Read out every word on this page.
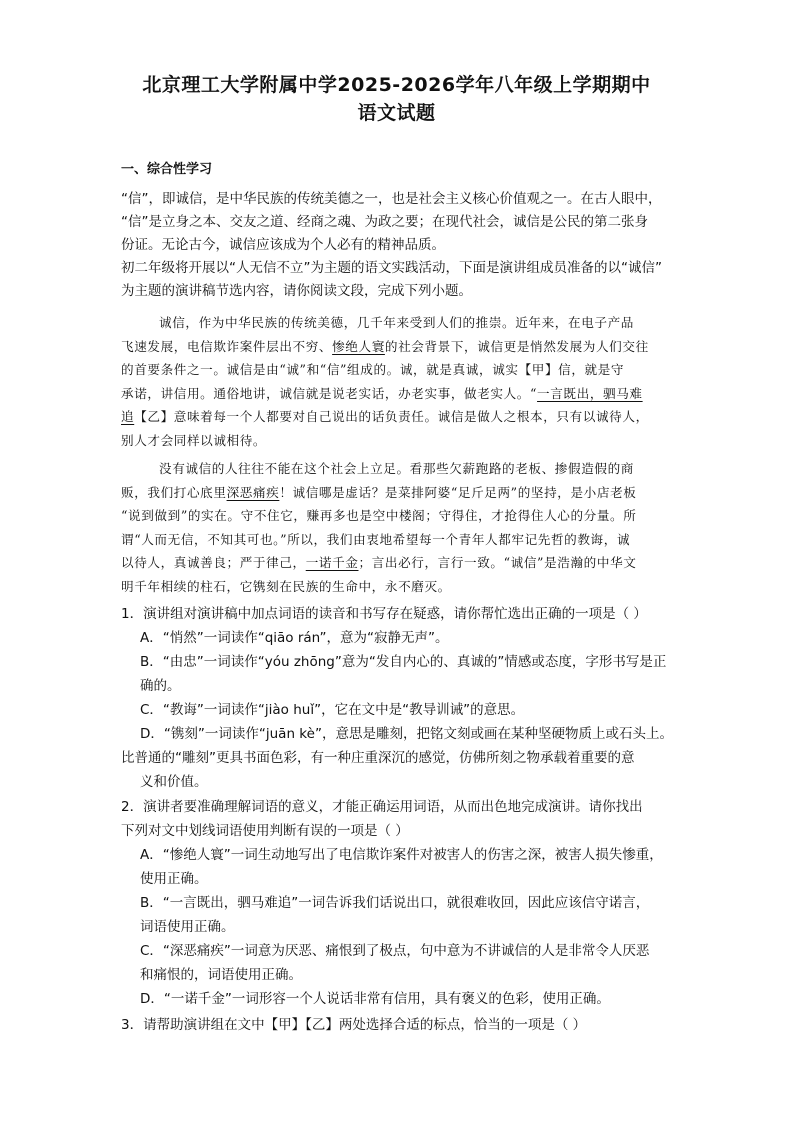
北京理工大学附属中学2025-2026学年八年级上学期期中
语文试题
一、综合性学习
“信”，即诚信，是中华民族的传统美德之一，也是社会主义核心价值观之一。在古人眼中，
“信”是立身之本、交友之道、经商之魂、为政之要；在现代社会，诚信是公民的第二张身
份证。无论古今，诚信应该成为个人必有的精神品质。
初二年级将开展以“人无信不立”为主题的语文实践活动，下面是演讲组成员准备的以“诚信”
为主题的演讲稿节选内容，请你阅读文段，完成下列小题。
诚信，作为中华民族的传统美德，几千年来受到人们的推崇。近年来，在电子产品
飞速发展，电信欺诈案件层出不穷、惨绝人寰的社会背景下，诚信更是悄然发展为人们交往
的首要条件之一。诚信是由“诚”和“信”组成的。诚，就是真诚，诚实【甲】信，就是守
承诺，讲信用。通俗地讲，诚信就是说老实话，办老实事，做老实人。“一言既出，驷马难
追【乙】意味着每一个人都要对自己说出的话负责任。诚信是做人之根本，只有以诚待人，
别人才会同样以诚相待。
没有诚信的人往往不能在这个社会上立足。看那些欠薪跑路的老板、掺假造假的商
贩，我们打心底里深恶痛疾！诚信哪是虚话？是菜排阿婆“足斤足两”的坚持，是小店老板
“说到做到”的实在。守不住它，赚再多也是空中楼阁；守得住，才抢得住人心的分量。所
谓“人而无信，不知其可也。”所以，我们由衷地希望每一个青年人都牢记先哲的教诲，诚
以待人，真诚善良；严于律己，一诺千金；言出必行，言行一致。“诚信”是浩瀚的中华文
明千年相续的柱石，它镌刻在民族的生命中，永不磨灭。
1．演讲组对演讲稿中加点词语的读音和书写存在疑惑，请你帮忙选出正确的一项是（ ）
A．“悄然”一词读作“qiāo rán”，意为“寂静无声”。
B．“由忠”一词读作“yóu zhōng”意为“发自内心的、真诚的”情感或态度，字形书写是正
确的。
C．“教诲”一词读作“jiào huǐ”，它在文中是“教导训诫”的意思。
D．“镌刻”一词读作“juān kè”，意思是雕刻，把铭文刻或画在某种坚硬物质上或石头上。
比普通的“雕刻”更具书面色彩，有一种庄重深沉的感觉，仿佛所刻之物承载着重要的意
义和价值。
2．演讲者要准确理解词语的意义，才能正确运用词语，从而出色地完成演讲。请你找出
下列对文中划线词语使用判断有误的一项是（ ）
A．“惨绝人寰”一词生动地写出了电信欺诈案件对被害人的伤害之深，被害人损失惨重，
使用正确。
B．“一言既出，驷马难追”一词告诉我们话说出口，就很难收回，因此应该信守诺言，
词语使用正确。
C．“深恶痛疾”一词意为厌恶、痛恨到了极点，句中意为不讲诚信的人是非常令人厌恶
和痛恨的，词语使用正确。
D．“一诺千金”一词形容一个人说话非常有信用，具有褒义的色彩，使用正确。
3．请帮助演讲组在文中【甲】【乙】两处选择合适的标点，恰当的一项是（ ）
